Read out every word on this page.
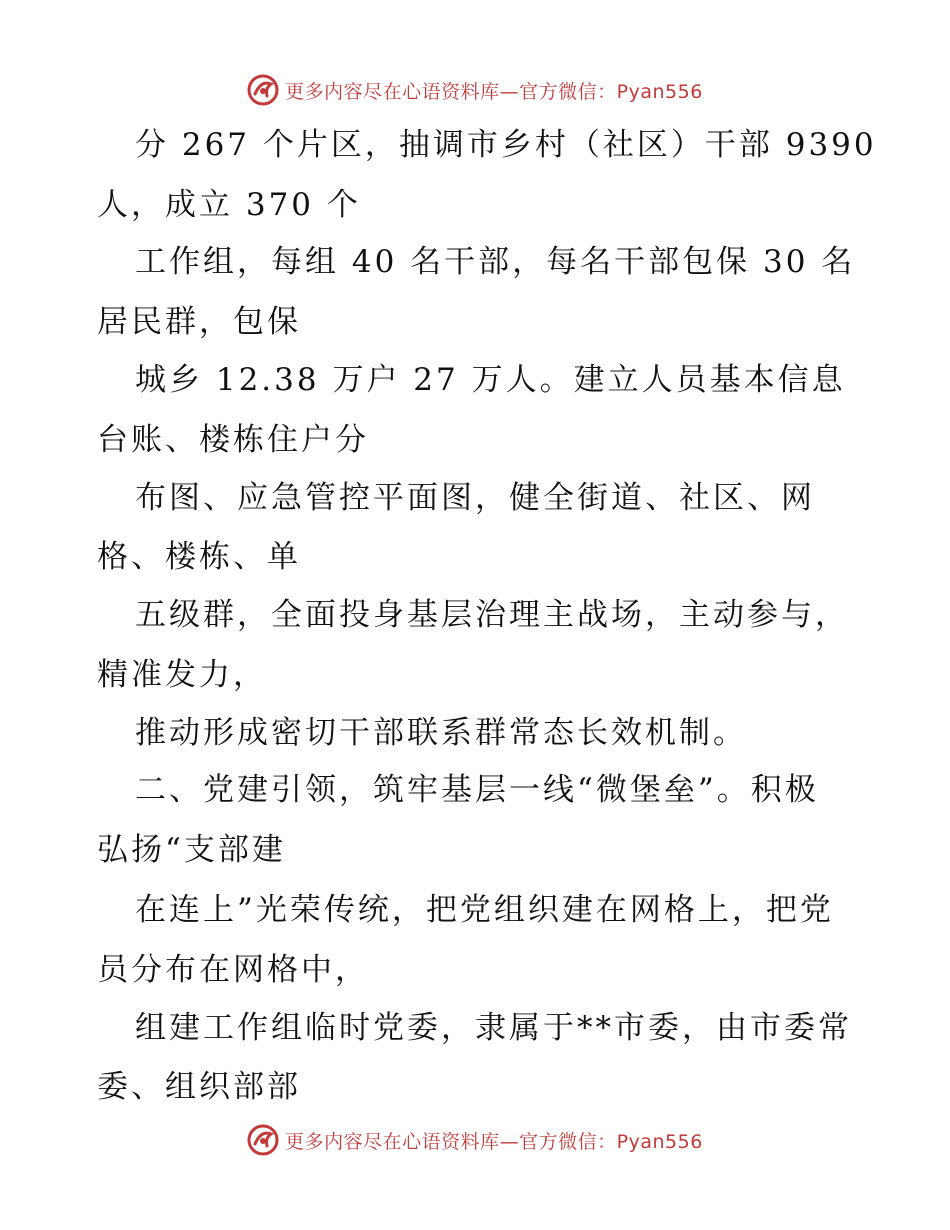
更多内容尽在心语资料库—官方微信：Pyan556
分 267 个片区，抽调市乡村（社区）干部 9390
人，成立 370 个
工作组，每组 40 名干部，每名干部包保 30 名
居民群，包保
城乡 12.38 万户 27 万人。建立人员基本信息
台账、楼栋住户分
布图、应急管控平面图，健全街道、社区、网
格、楼栋、单
五级群，全面投身基层治理主战场，主动参与，
精准发力，
推动形成密切干部联系群常态长效机制。
二、党建引领，筑牢基层一线“微堡垒”。积极
弘扬“支部建
在连上”光荣传统，把党组织建在网格上，把党
员分布在网格中，
组建工作组临时党委，隶属于**市委，由市委常
委、组织部部
更多内容尽在心语资料库—官方微信：Pyan556
